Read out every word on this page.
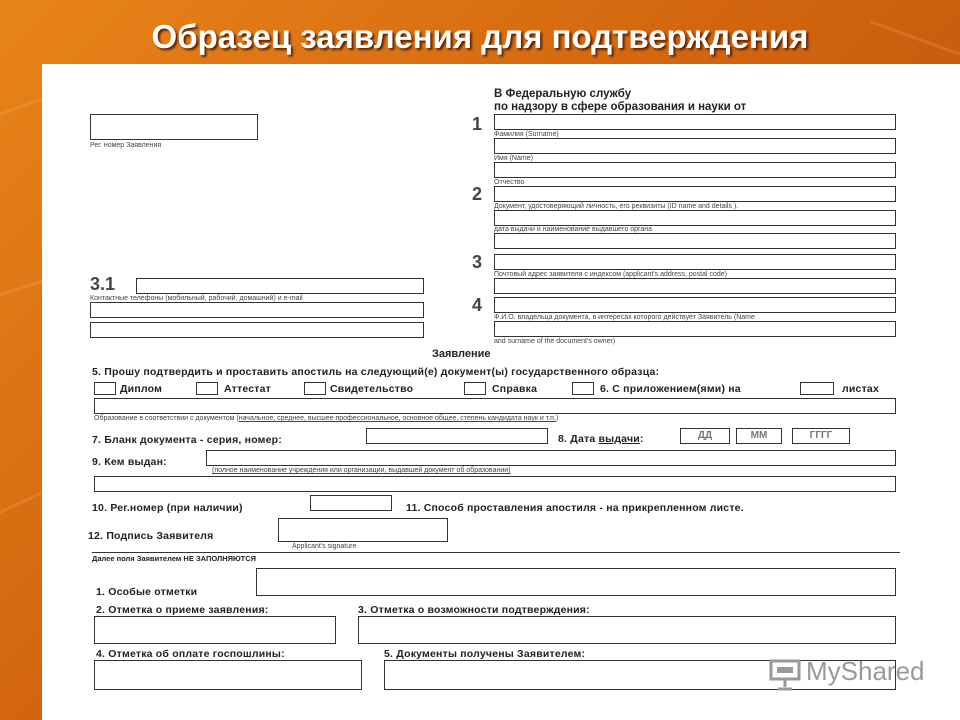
Образец заявления для подтверждения
Рег. номер Заявления
В Федеральную службу
по надзору в сфере образования и науки от
1
Фамилия (Surname)
Имя (Name)
Отчество
2
Документ, удостоверяющий личность, его реквизиты (ID name and details ).
дата выдачи и наименование выдавшего органа
3
Почтовый адрес заявителя с индексом (applicant's address, postal code)
4
Ф.И.О. владельца документа, в интересах которого действует Заявитель (Name
and surname of the document's owner)
3.1
Контактные телефоны (мобильный, рабочий, домашний) и e-mail
Заявление
5. Прошу подтвердить и проставить апостиль на следующий(е) документ(ы) государственного образца:
Диплом	Аттестат	Свидетельство	Справка	6. С приложением(ями) на	листах
Образование в соответствии с документом (начальное, среднее, высшее профессиональное, основное общее, степень кандидата наук и т.п.)
7. Бланк документа - серия, номер:	8. Дата выдачи:	ДД	ММ	ГГГГ
9. Кем выдан:
(полное наименование учреждения или организации, выдавшей документ об образовании)
10. Рег.номер (при наличии)	11. Способ проставления апостиля - на прикрепленном листе.
12. Подпись Заявителя
Applicant's signature
Далее поля Заявителем НЕ ЗАПОЛНЯЮТСЯ
1. Особые отметки
2. Отметка о приеме заявления:	3. Отметка о возможности подтверждения:
4. Отметка об оплате госпошлины:	5. Документы получены Заявителем:
MyShared
